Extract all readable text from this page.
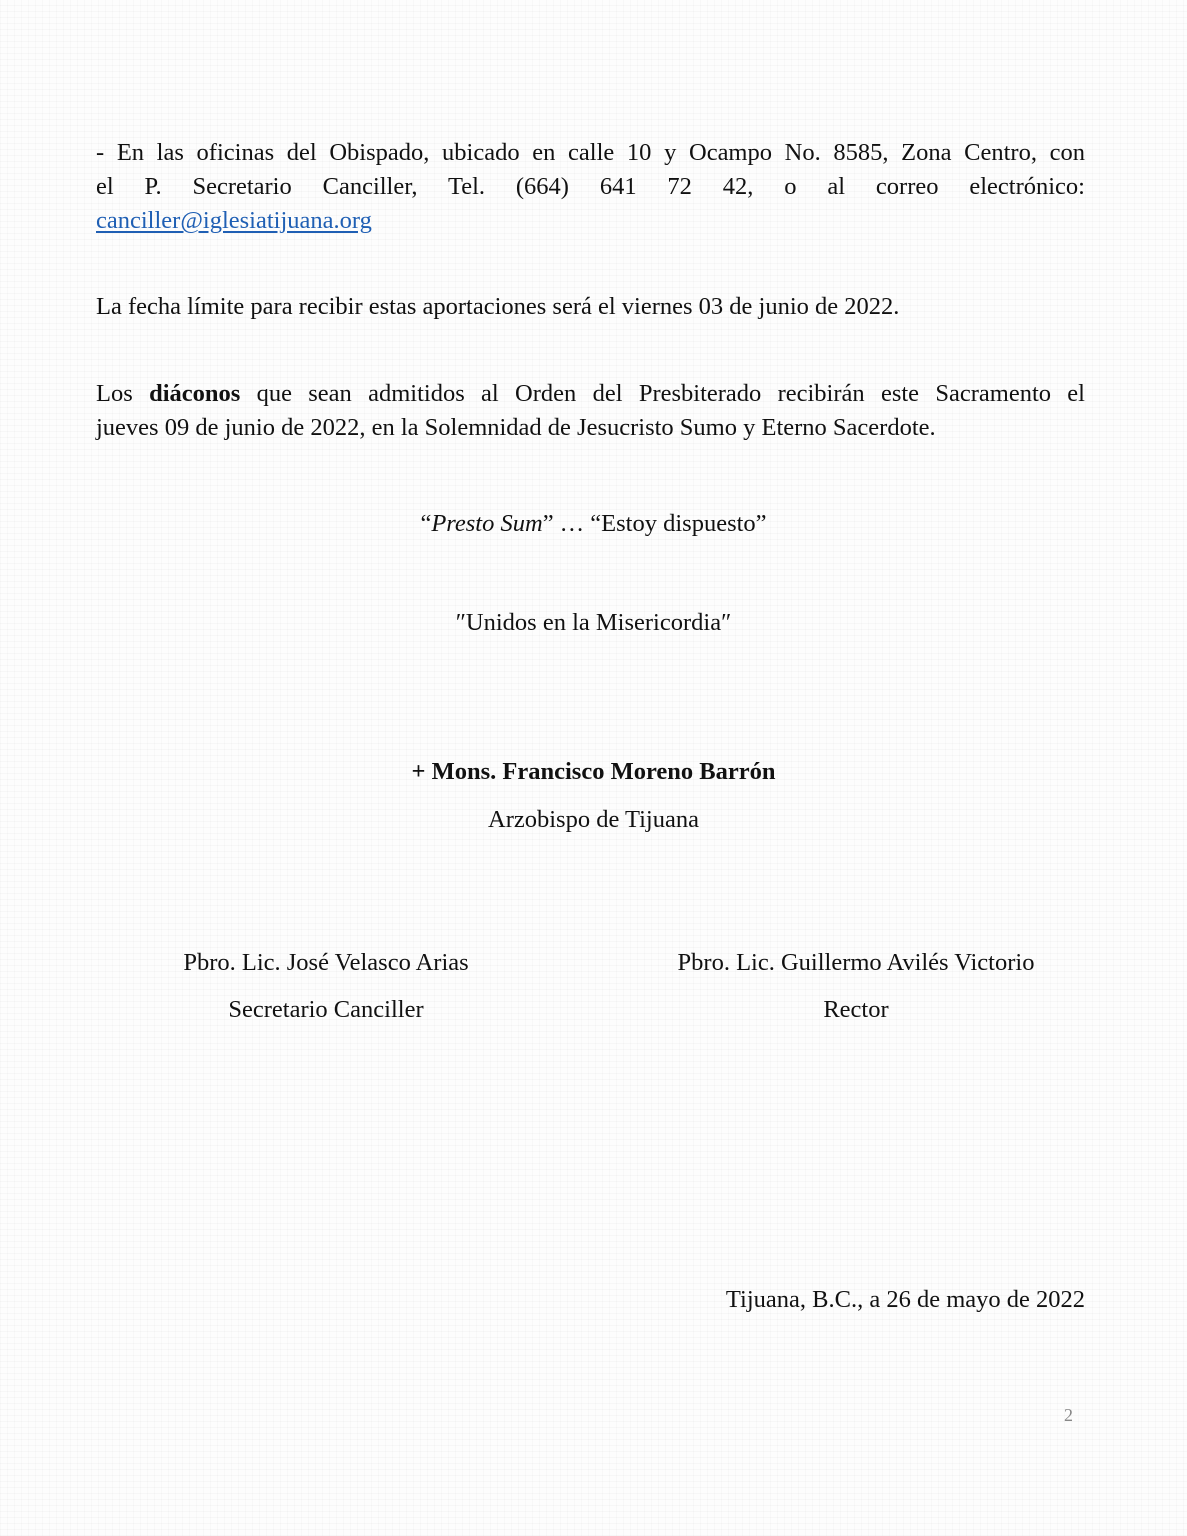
- En las oficinas del Obispado, ubicado en calle 10 y Ocampo No. 8585, Zona Centro, con
el P. Secretario Canciller, Tel. (664) 641 72 42, o al correo electrónico:
canciller@iglesiatijuana.org
La fecha límite para recibir estas aportaciones será el viernes 03 de junio de 2022.
Los diáconos que sean admitidos al Orden del Presbiterado recibirán este Sacramento el
jueves 09 de junio de 2022, en la Solemnidad de Jesucristo Sumo y Eterno Sacerdote.
“Presto Sum” … “Estoy dispuesto”
″Unidos en la Misericordia″
+ Mons. Francisco Moreno Barrón
Arzobispo de Tijuana
Pbro. Lic. José Velasco Arias
Secretario Canciller
Pbro. Lic. Guillermo Avilés Victorio
Rector
Tijuana, B.C., a 26 de mayo de 2022
2
